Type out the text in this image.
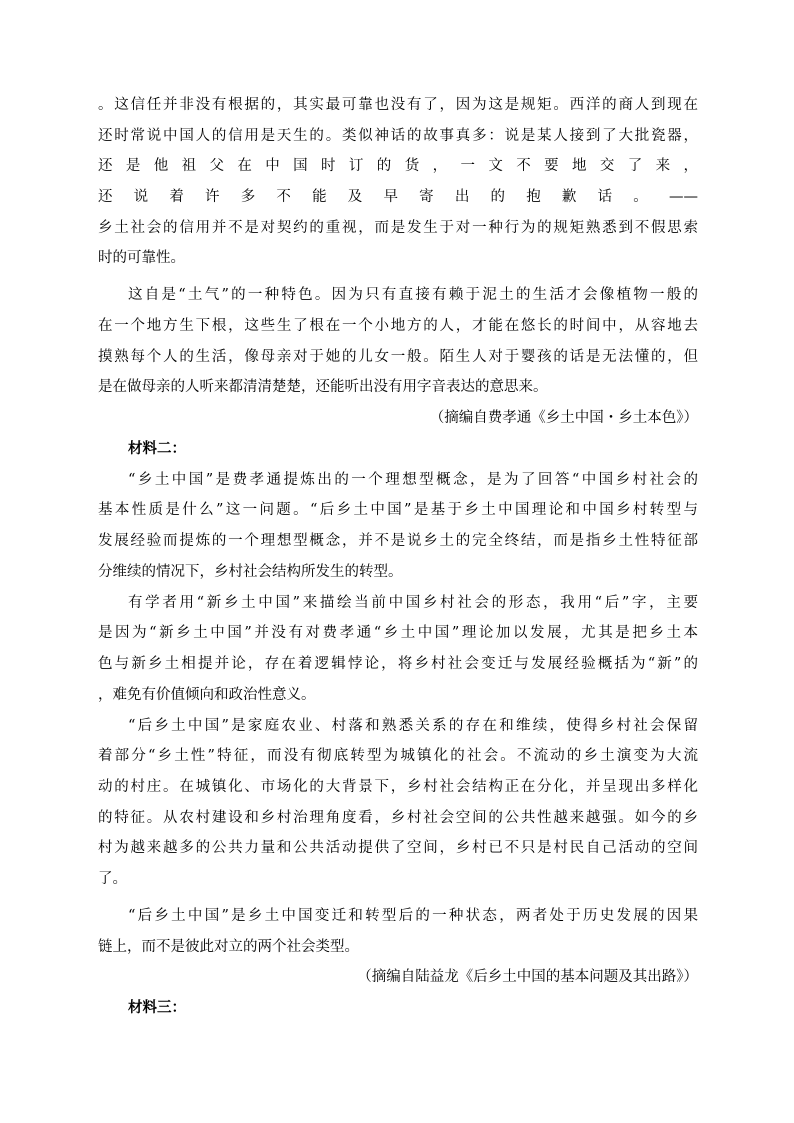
。这信任并非没有根据的，其实最可靠也没有了，因为这是规矩。西洋的商人到现在
还时常说中国人的信用是天生的。类似神话的故事真多：说是某人接到了大批瓷器，
还是他祖父在中国时订的货，一文不要地交了来，
还说着许多不能及早寄出的抱歉话。——
乡土社会的信用并不是对契约的重视，而是发生于对一种行为的规矩熟悉到不假思索
时的可靠性。
这自是“土气”的一种特色。因为只有直接有赖于泥土的生活才会像植物一般的
在一个地方生下根，这些生了根在一个小地方的人，才能在悠长的时间中，从容地去
摸熟每个人的生活，像母亲对于她的儿女一般。陌生人对于婴孩的话是无法懂的，但
是在做母亲的人听来都清清楚楚，还能听出没有用字音表达的意思来。
（摘编自费孝通《乡土中国・乡土本色》）
材料二：
“乡土中国”是费孝通提炼出的一个理想型概念，是为了回答“中国乡村社会的
基本性质是什么”这一问题。“后乡土中国”是基于乡土中国理论和中国乡村转型与
发展经验而提炼的一个理想型概念，并不是说乡土的完全终结，而是指乡土性特征部
分维续的情况下，乡村社会结构所发生的转型。
有学者用“新乡土中国”来描绘当前中国乡村社会的形态，我用“后”字，主要
是因为“新乡土中国”并没有对费孝通“乡土中国”理论加以发展，尤其是把乡土本
色与新乡土相提并论，存在着逻辑悖论，将乡村社会变迁与发展经验概括为“新”的
，难免有价值倾向和政治性意义。
“后乡土中国”是家庭农业、村落和熟悉关系的存在和维续，使得乡村社会保留
着部分“乡土性”特征，而没有彻底转型为城镇化的社会。不流动的乡土演变为大流
动的村庄。在城镇化、市场化的大背景下，乡村社会结构正在分化，并呈现出多样化
的特征。从农村建设和乡村治理角度看，乡村社会空间的公共性越来越强。如今的乡
村为越来越多的公共力量和公共活动提供了空间，乡村已不只是村民自己活动的空间
了。
“后乡土中国”是乡土中国变迁和转型后的一种状态，两者处于历史发展的因果
链上，而不是彼此对立的两个社会类型。
（摘编自陆益龙《后乡土中国的基本问题及其出路》）
材料三：
